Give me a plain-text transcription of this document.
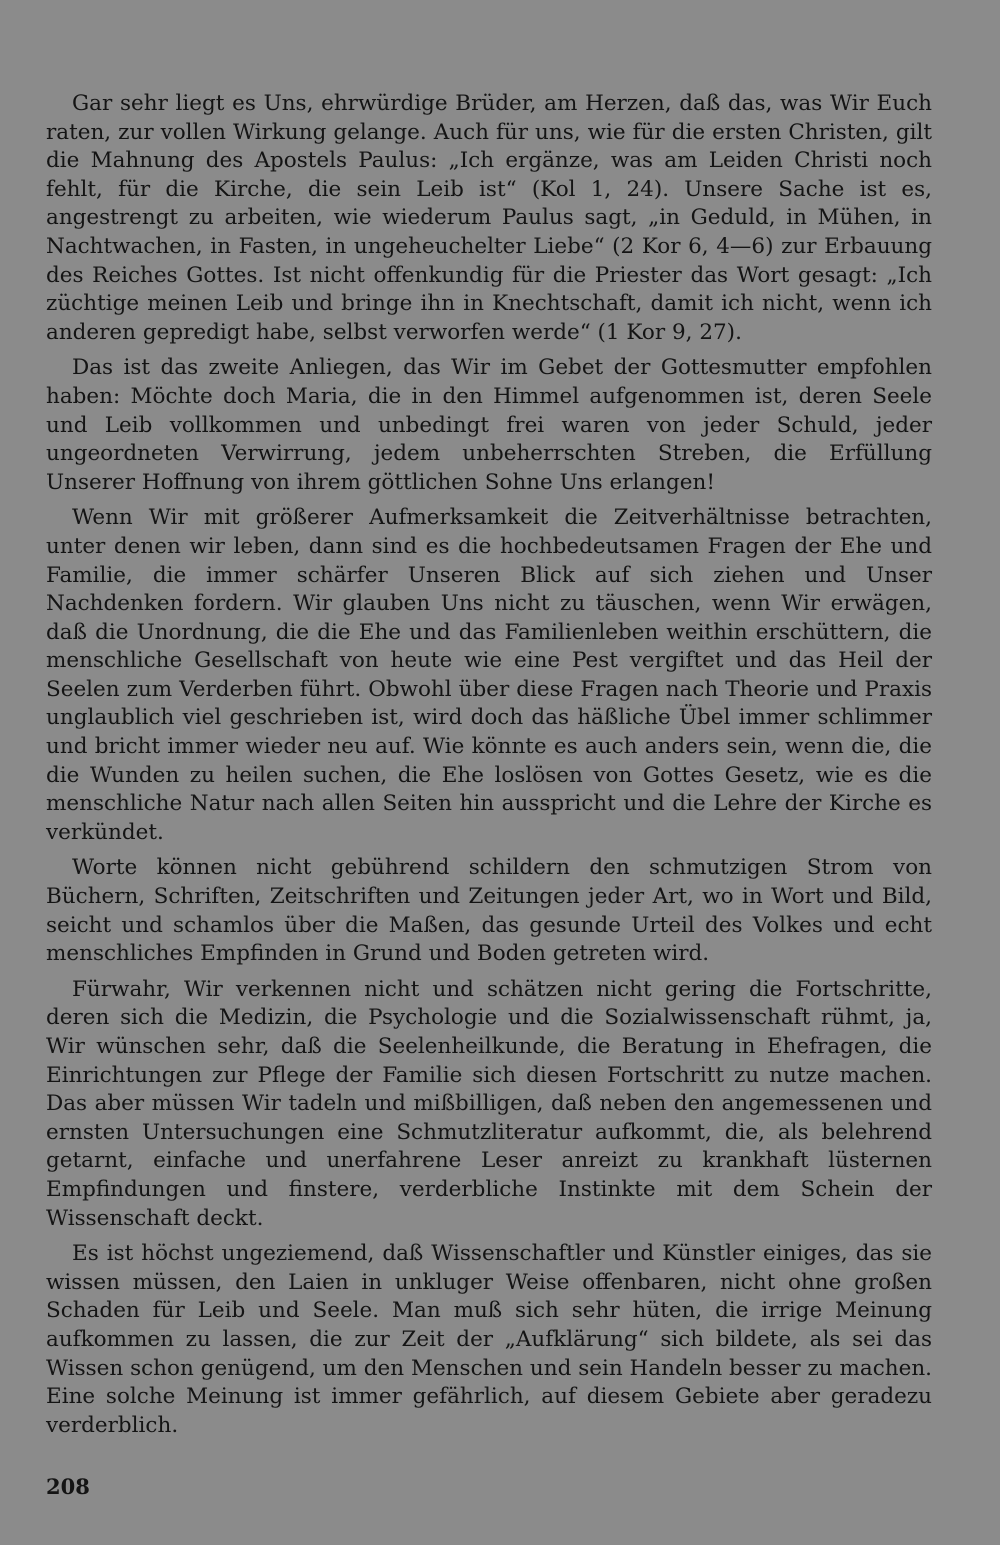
Gar sehr liegt es Uns, ehrwürdige Brüder, am Herzen, daß das, was Wir Euch raten, zur vollen Wirkung gelange. Auch für uns, wie für die ersten Christen, gilt die Mahnung des Apostels Paulus: „Ich ergänze, was am Leiden Christi noch fehlt, für die Kirche, die sein Leib ist“ (Kol 1, 24). Unsere Sache ist es, angestrengt zu arbeiten, wie wiederum Paulus sagt, „in Geduld, in Mühen, in Nachtwachen, in Fasten, in ungeheuchelter Liebe“ (2 Kor 6, 4—6) zur Erbauung des Reiches Gottes. Ist nicht offenkundig für die Priester das Wort gesagt: „Ich züchtige meinen Leib und bringe ihn in Knechtschaft, damit ich nicht, wenn ich anderen gepredigt habe, selbst verworfen werde“ (1 Kor 9, 27).

Das ist das zweite Anliegen, das Wir im Gebet der Gottesmutter empfohlen haben: Möchte doch Maria, die in den Himmel aufgenommen ist, deren Seele und Leib vollkommen und unbedingt frei waren von jeder Schuld, jeder ungeordneten Verwirrung, jedem unbeherrschten Streben, die Erfüllung Unserer Hoffnung von ihrem göttlichen Sohne Uns erlangen!

Wenn Wir mit größerer Aufmerksamkeit die Zeitverhältnisse betrachten, unter denen wir leben, dann sind es die hochbedeutsamen Fragen der Ehe und Familie, die immer schärfer Unseren Blick auf sich ziehen und Unser Nachdenken fordern. Wir glauben Uns nicht zu täuschen, wenn Wir erwägen, daß die Unordnung, die die Ehe und das Familienleben weithin erschüttern, die menschliche Gesellschaft von heute wie eine Pest vergiftet und das Heil der Seelen zum Verderben führt. Obwohl über diese Fragen nach Theorie und Praxis unglaublich viel geschrieben ist, wird doch das häßliche Übel immer schlimmer und bricht immer wieder neu auf. Wie könnte es auch anders sein, wenn die, die die Wunden zu heilen suchen, die Ehe loslösen von Gottes Gesetz, wie es die menschliche Natur nach allen Seiten hin ausspricht und die Lehre der Kirche es verkündet.

Worte können nicht gebührend schildern den schmutzigen Strom von Büchern, Schriften, Zeitschriften und Zeitungen jeder Art, wo in Wort und Bild, seicht und schamlos über die Maßen, das gesunde Urteil des Volkes und echt menschliches Empfinden in Grund und Boden getreten wird.

Fürwahr, Wir verkennen nicht und schätzen nicht gering die Fortschritte, deren sich die Medizin, die Psychologie und die Sozialwissenschaft rühmt, ja, Wir wünschen sehr, daß die Seelenheilkunde, die Beratung in Ehefragen, die Einrichtungen zur Pflege der Familie sich diesen Fortschritt zu nutze machen. Das aber müssen Wir tadeln und mißbilligen, daß neben den angemessenen und ernsten Untersuchungen eine Schmutzliteratur aufkommt, die, als belehrend getarnt, einfache und unerfahrene Leser anreizt zu krankhaft lüsternen Empfindungen und finstere, verderbliche Instinkte mit dem Schein der Wissenschaft deckt.

Es ist höchst ungeziemend, daß Wissenschaftler und Künstler einiges, das sie wissen müssen, den Laien in unkluger Weise offenbaren, nicht ohne großen Schaden für Leib und Seele. Man muß sich sehr hüten, die irrige Meinung aufkommen zu lassen, die zur Zeit der „Aufklärung“ sich bildete, als sei das Wissen schon genügend, um den Menschen und sein Handeln besser zu machen. Eine solche Meinung ist immer gefährlich, auf diesem Gebiete aber geradezu verderblich.

208
